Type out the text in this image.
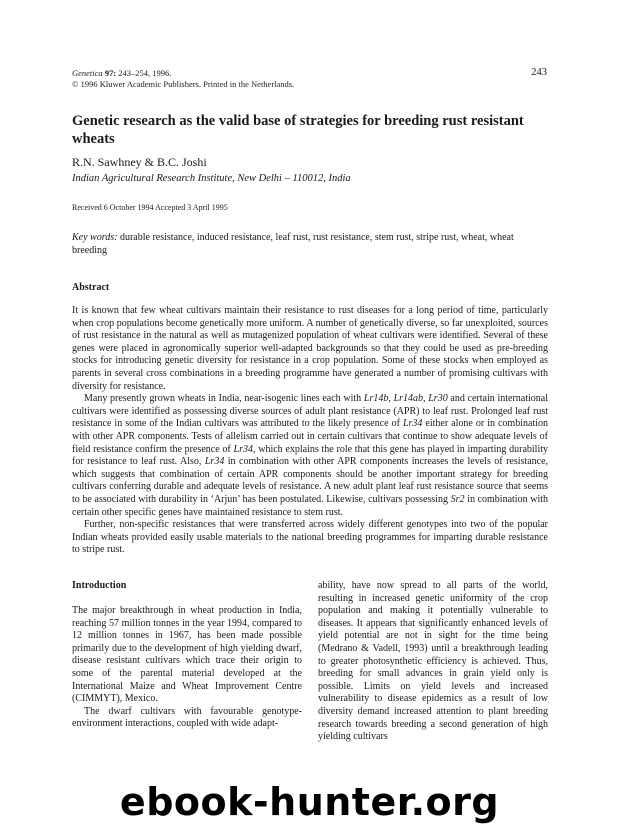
Genetica 97: 243–254, 1996.
© 1996 Kluwer Academic Publishers. Printed in the Netherlands.
243
Genetic research as the valid base of strategies for breeding rust resistant wheats
R.N. Sawhney & B.C. Joshi
Indian Agricultural Research Institute, New Delhi – 110012, India
Received 6 October 1994 Accepted 3 April 1995
Key words: durable resistance, induced resistance, leaf rust, rust resistance, stem rust, stripe rust, wheat, wheat breeding
Abstract

It is known that few wheat cultivars maintain their resistance to rust diseases for a long period of time, particularly when crop populations become genetically more uniform. A number of genetically diverse, so far unexploited, sources of rust resistance in the natural as well as mutagenized population of wheat cultivars were identified. Several of these genes were placed in agronomically superior well-adapted backgrounds so that they could be used as pre-breeding stocks for introducing genetic diversity for resistance in a crop population. Some of these stocks when employed as parents in several cross combinations in a breeding programme have generated a number of promising cultivars with diversity for resistance.

Many presently grown wheats in India, near-isogenic lines each with Lr14b, Lr14ab, Lr30 and certain international cultivars were identified as possessing diverse sources of adult plant resistance (APR) to leaf rust. Prolonged leaf rust resistance in some of the Indian cultivars was attributed to the likely presence of Lr34 either alone or in combination with other APR components. Tests of allelism carried out in certain cultivars that continue to show adequate levels of field resistance confirm the presence of Lr34, which explains the role that this gene has played in imparting durability for resistance to leaf rust. Also, Lr34 in combination with other APR components increases the levels of resistance, which suggests that combination of certain APR components should be another important strategy for breeding cultivars conferring durable and adequate levels of resistance. A new adult plant leaf rust resistance source that seems to be associated with durability in ‘Arjun’ has been postulated. Likewise, cultivars possessing Sr2 in combination with certain other specific genes have maintained resistance to stem rust.

Further, non-specific resistances that were transferred across widely different genotypes into two of the popular Indian wheats provided easily usable materials to the national breeding programmes for imparting durable resistance to stripe rust.

Introduction

The major breakthrough in wheat production in India, reaching 57 million tonnes in the year 1994, compared to 12 million tonnes in 1967, has been made possible primarily due to the development of high yielding dwarf, disease resistant cultivars which trace their origin to some of the parental material developed at the International Maize and Wheat Improvement Centre (CIMMYT), Mexico.

The dwarf cultivars with favourable genotype-environment interactions, coupled with wide adapt-

ability, have now spread to all parts of the world, resulting in increased genetic uniformity of the crop population and making it potentially vulnerable to diseases. It appears that significantly enhanced levels of yield potential are not in sight for the time being (Medrano & Vadell, 1993) until a breakthrough leading to greater photosynthetic efficiency is achieved. Thus, breeding for small advances in grain yield only is possible. Limits on yield levels and increased vulnerability to disease epidemics as a result of low diversity demand increased attention to plant breeding research towards breeding a second generation of high yielding cultivars

ebook-hunter.org
